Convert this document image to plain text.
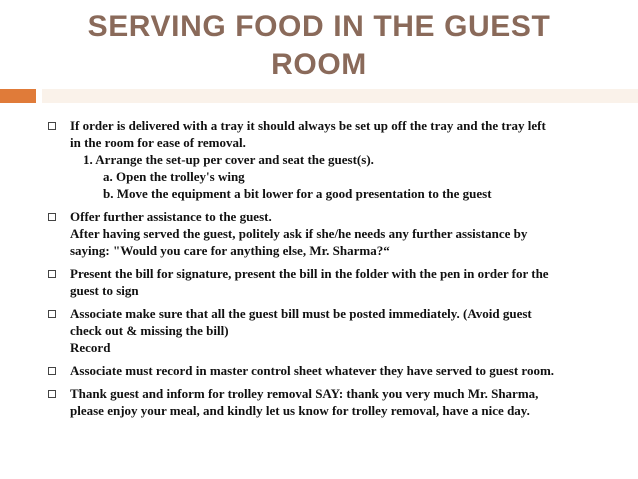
SERVING FOOD IN THE GUEST
ROOM
If order is delivered with a tray it should always be set up off the tray and the tray left
in the room for ease of removal.
1. Arrange the set-up per cover and seat the guest(s).
a. Open the trolley's wing
b. Move the equipment a bit lower for a good presentation to the guest
Offer further assistance to the guest.
After having served the guest, politely ask if she/he needs any further assistance by
saying: "Would you care for anything else, Mr. Sharma?“
Present the bill for signature, present the bill in the folder with the pen in order for the
guest to sign
Associate make sure that all the guest bill must be posted immediately. (Avoid guest
check out & missing the bill)
Record
Associate must record in master control sheet whatever they have served to guest room.
Thank guest and inform for trolley removal SAY: thank you very much Mr. Sharma,
please enjoy your meal, and kindly let us know for trolley removal, have a nice day.
